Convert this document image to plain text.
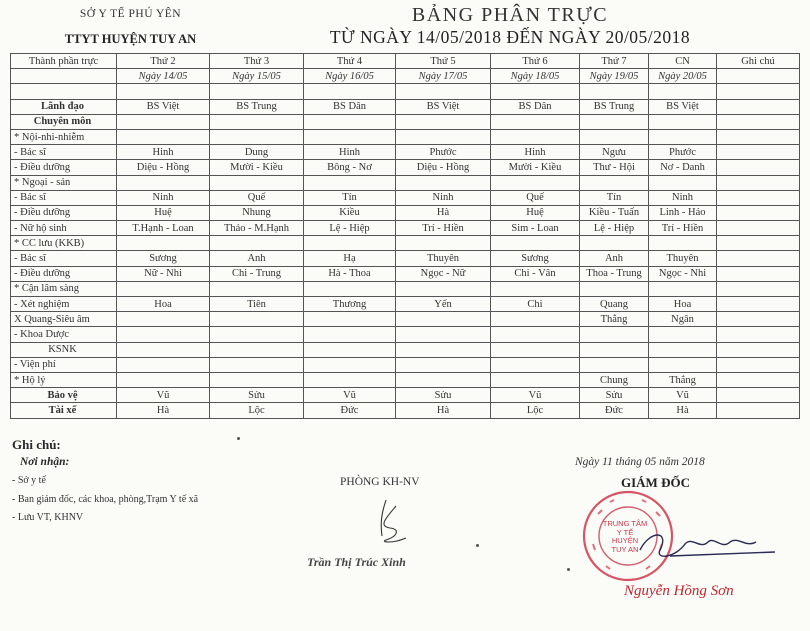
SỞ Y TẾ PHÚ YÊN
TTYT HUYỆN TUY AN
BẢNG PHÂN TRỰC
TỪ NGÀY 14/05/2018 ĐẾN NGÀY 20/05/2018
Thành phần trực	Thứ 2	Thứ 3	Thứ 4	Thứ 5	Thứ 6	Thứ 7	CN	Ghi chú
	Ngày 14/05	Ngày 15/05	Ngày 16/05	Ngày 17/05	Ngày 18/05	Ngày 19/05	Ngày 20/05	

Lãnh đạo	BS Việt	BS Trung	BS Dân	BS Việt	BS Dân	BS Trung	BS Việt	
Chuyên môn								
* Nội-nhi-nhiễm								
- Bác sĩ	Hinh	Dung	Hinh	Phước	Hinh	Ngưu	Phước	
- Điều dưỡng	Diệu - Hồng	Mười - Kiều	Bông - Nơ	Diệu - Hồng	Mười - Kiều	Thư - Hội	Nơ - Danh	
* Ngoại - sản								
- Bác sĩ	Ninh	Quế	Tín	Ninh	Quế	Tín	Ninh	
- Điều dưỡng	Huệ	Nhung	Kiều	Hà	Huệ	Kiều - Tuấn	Linh - Hảo	
- Nữ hộ sinh	T.Hạnh - Loan	Thảo - M.Hạnh	Lệ - Hiệp	Trí - Hiền	Sim - Loan	Lệ - Hiệp	Trí - Hiền	
* CC lưu (KKB)								
- Bác sĩ	Sương	Anh	Hạ	Thuyên	Sương	Anh	Thuyên	
- Điều dưỡng	Nữ - Nhi	Chi - Trung	Hà - Thoa	Ngọc - Nữ	Chi - Vân	Thoa - Trung	Ngọc - Nhi	
* Cận lâm sàng								
- Xét nghiệm	Hoa	Tiên	Thương	Yến	Chi	Quang	Hoa	
X Quang-Siêu âm						Thắng	Ngân	
- Khoa Dược								
KSNK								
- Viện phí								
* Hộ lý						Chung	Thắng	
Bảo vệ	Vũ	Sửu	Vũ	Sửu	Vũ	Sửu	Vũ	
Tài xế	Hà	Lộc	Đức	Hà	Lộc	Đức	Hà	
Ghi chú:
Nơi nhận:
- Sở y tế
- Ban giám đốc, các khoa, phòng,Trạm Y tế xã
- Lưu VT, KHNV
PHÒNG KH-NV
Trần Thị Trúc Xinh
Ngày 11 tháng 05 năm 2018
TRUNG TÂM
Y TẾ
HUYỆN
TUY AN
GIÁM ĐỐC
Nguyễn Hồng Sơn
